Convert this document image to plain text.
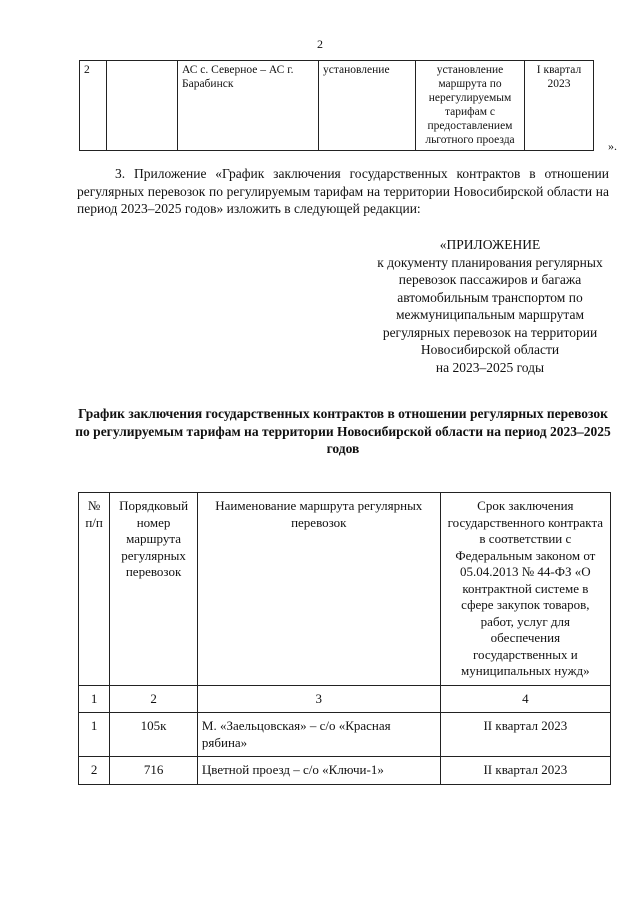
2
2		АС с. Северное – АС г. Барабинск	установление	установление маршрута по нерегулируемым тарифам с предоставлением льготного проезда	I квартал 2023
».
3. Приложение «График заключения государственных контрактов в отношении регулярных перевозок по регулируемым тарифам на территории Новосибирской области на период 2023–2025 годов» изложить в следующей редакции:
«ПРИЛОЖЕНИЕ
к документу планирования регулярных
перевозок пассажиров и багажа
автомобильным транспортом по
межмуниципальным маршрутам
регулярных перевозок на территории
Новосибирской области
на 2023–2025 годы
График заключения государственных контрактов в отношении регулярных перевозок по регулируемым тарифам на территории Новосибирской области на период 2023–2025 годов
№ п/п	Порядковый номер маршрута регулярных перевозок	Наименование маршрута регулярных перевозок	Срок заключения государственного контракта в соответствии с Федеральным законом от 05.04.2013 № 44-ФЗ «О контрактной системе в сфере закупок товаров, работ, услуг для обеспечения государственных и муниципальных нужд»
1	2	3	4
1	105к	М. «Заельцовская» – с/о «Красная рябина»	II квартал 2023
2	716	Цветной проезд – с/о «Ключи-1»	II квартал 2023
